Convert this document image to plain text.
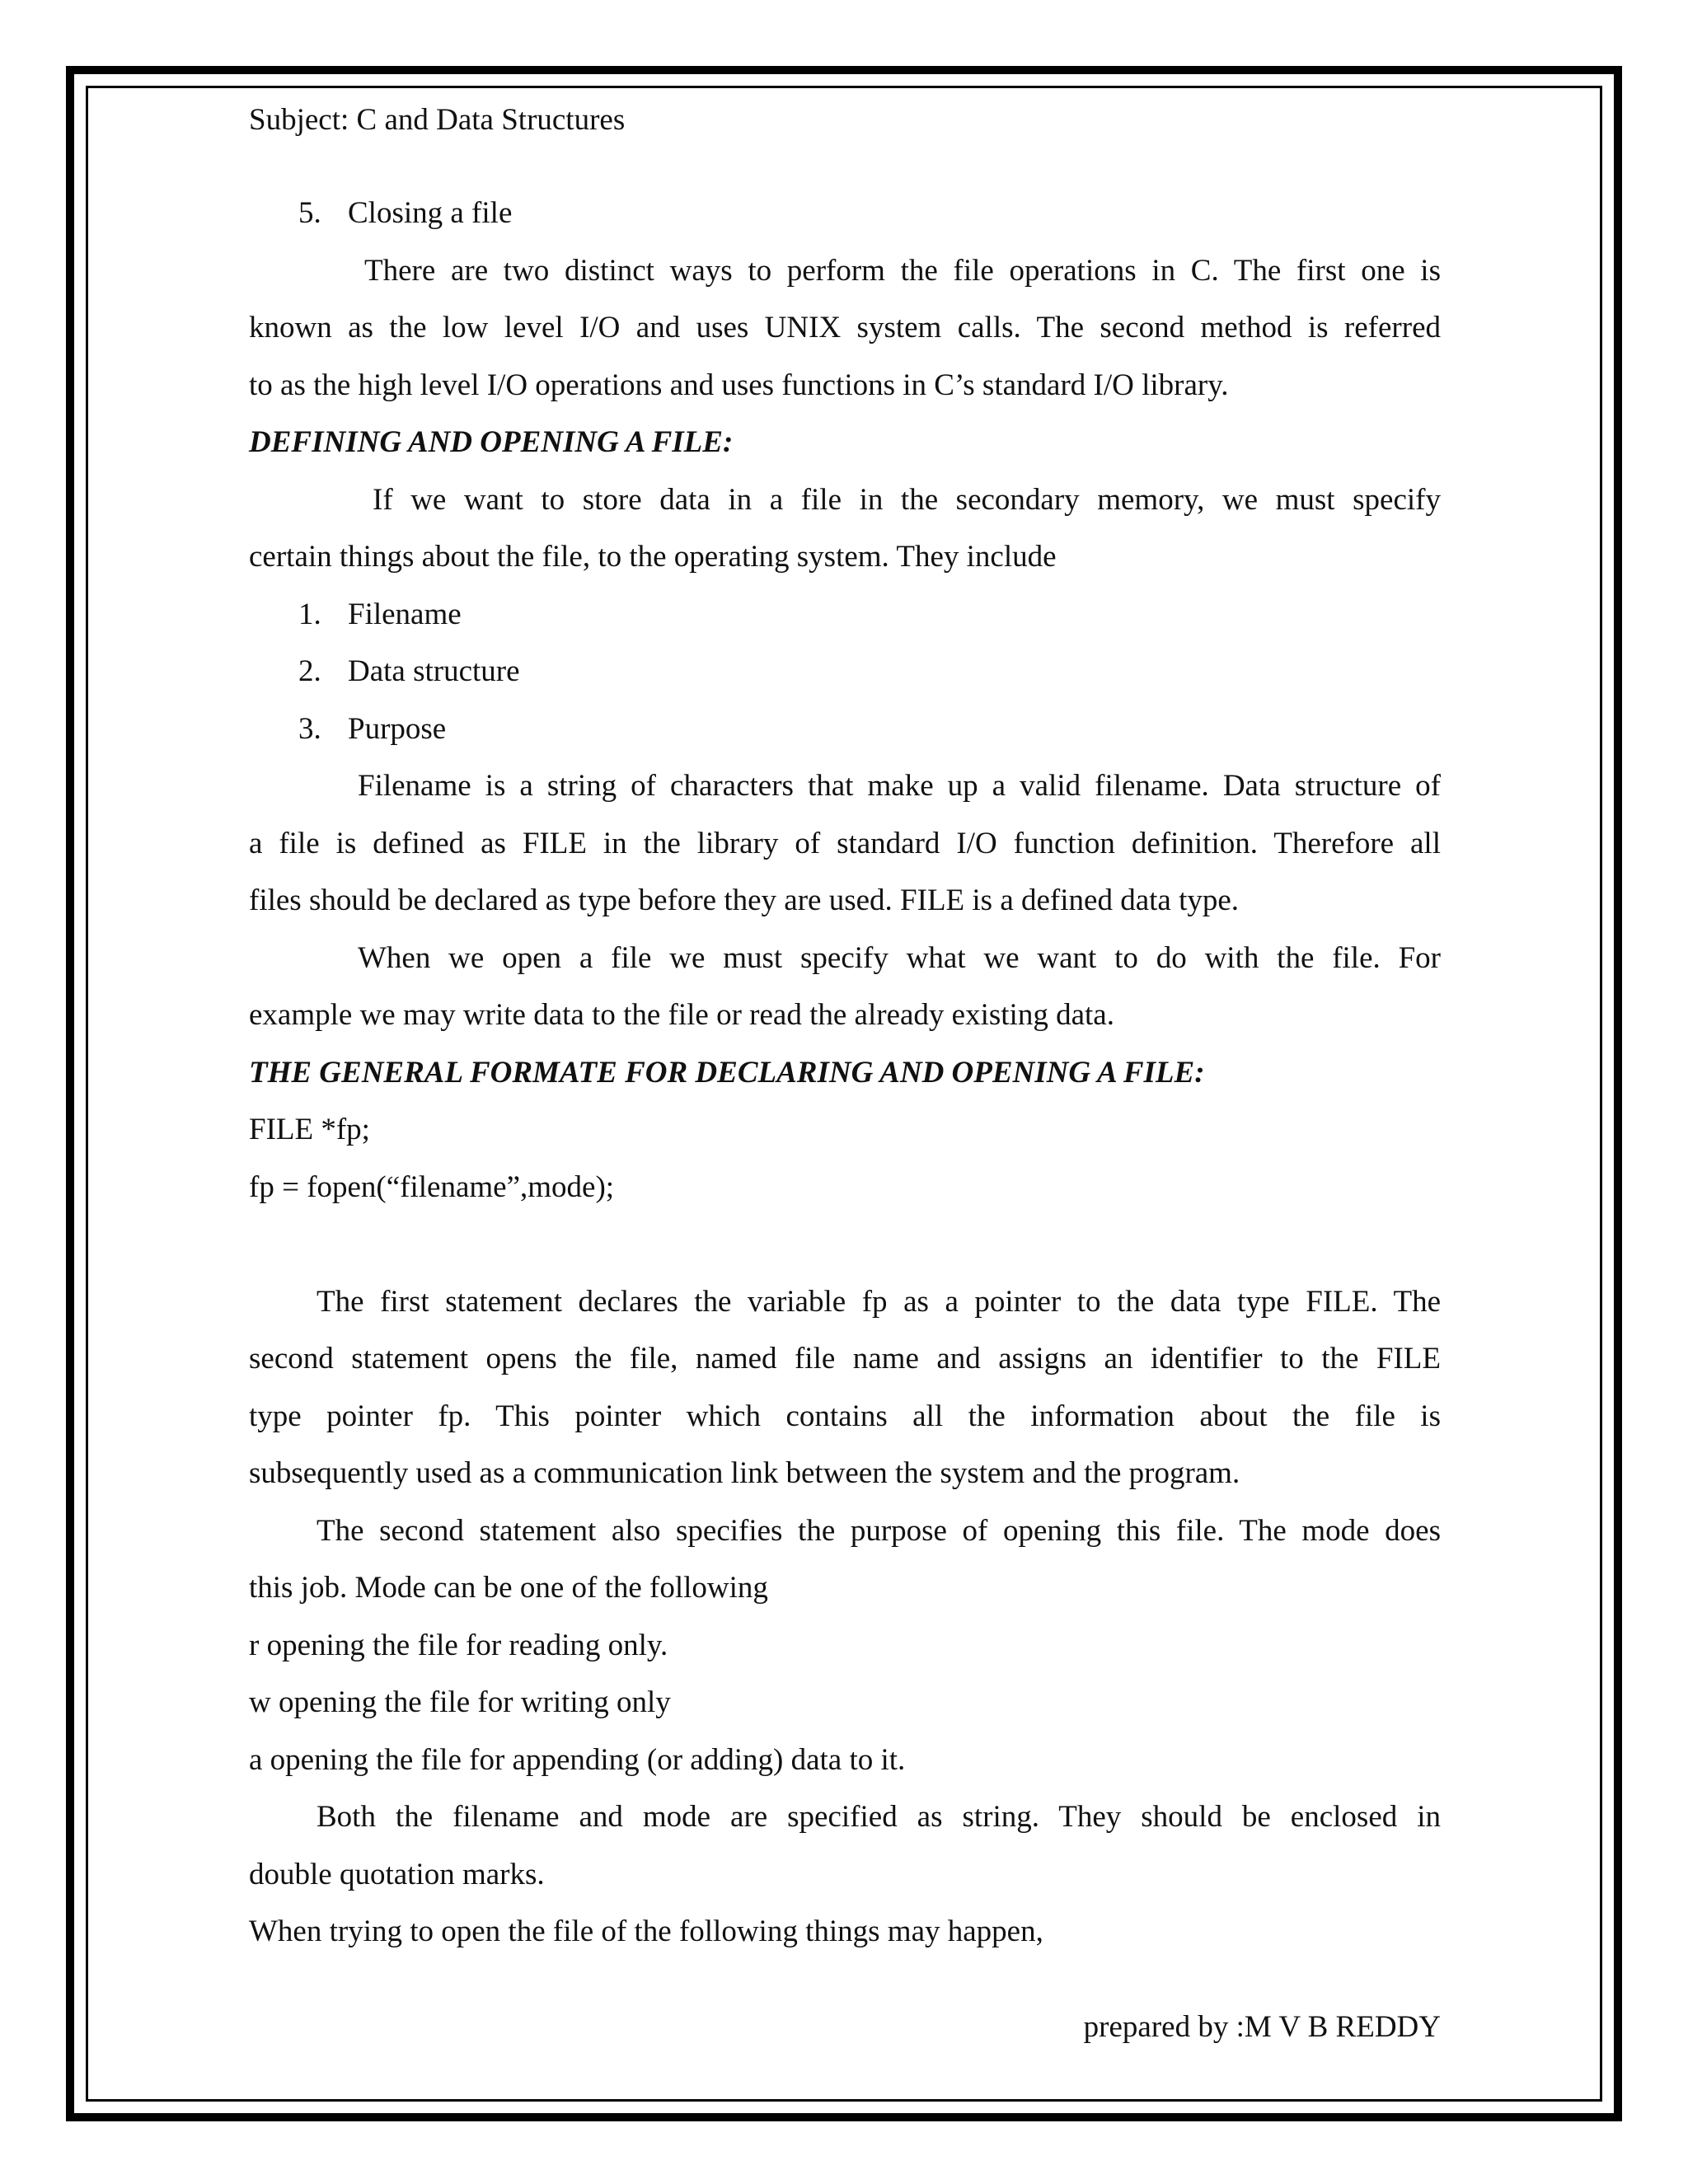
Subject: C and Data Structures
5. Closing a file
There are two distinct ways to perform the file operations in C. The first one is
known as the low level I/O and uses UNIX system calls. The second method is referred
to as the high level I/O operations and uses functions in C’s standard I/O library.
DEFINING AND OPENING A FILE:
If we want to store data in a file in the secondary memory, we must specify
certain things about the file, to the operating system. They include
1. Filename
2. Data structure
3. Purpose
Filename is a string of characters that make up a valid filename. Data structure of
a file is defined as FILE in the library of standard I/O function definition. Therefore all
files should be declared as type before they are used. FILE is a defined data type.
When we open a file we must specify what we want to do with the file. For
example we may write data to the file or read the already existing data.
THE GENERAL FORMATE FOR DECLARING AND OPENING A FILE:
FILE *fp;
fp = fopen(“filename”,mode);
The first statement declares the variable fp as a pointer to the data type FILE. The
second statement opens the file, named file name and assigns an identifier to the FILE
type pointer fp. This pointer which contains all the information about the file is
subsequently used as a communication link between the system and the program.
The second statement also specifies the purpose of opening this file. The mode does
this job. Mode can be one of the following
r opening the file for reading only.
w opening the file for writing only
a opening the file for appending (or adding) data to it.
Both the filename and mode are specified as string. They should be enclosed in
double quotation marks.
When trying to open the file of the following things may happen,
prepared by :M V B REDDY
